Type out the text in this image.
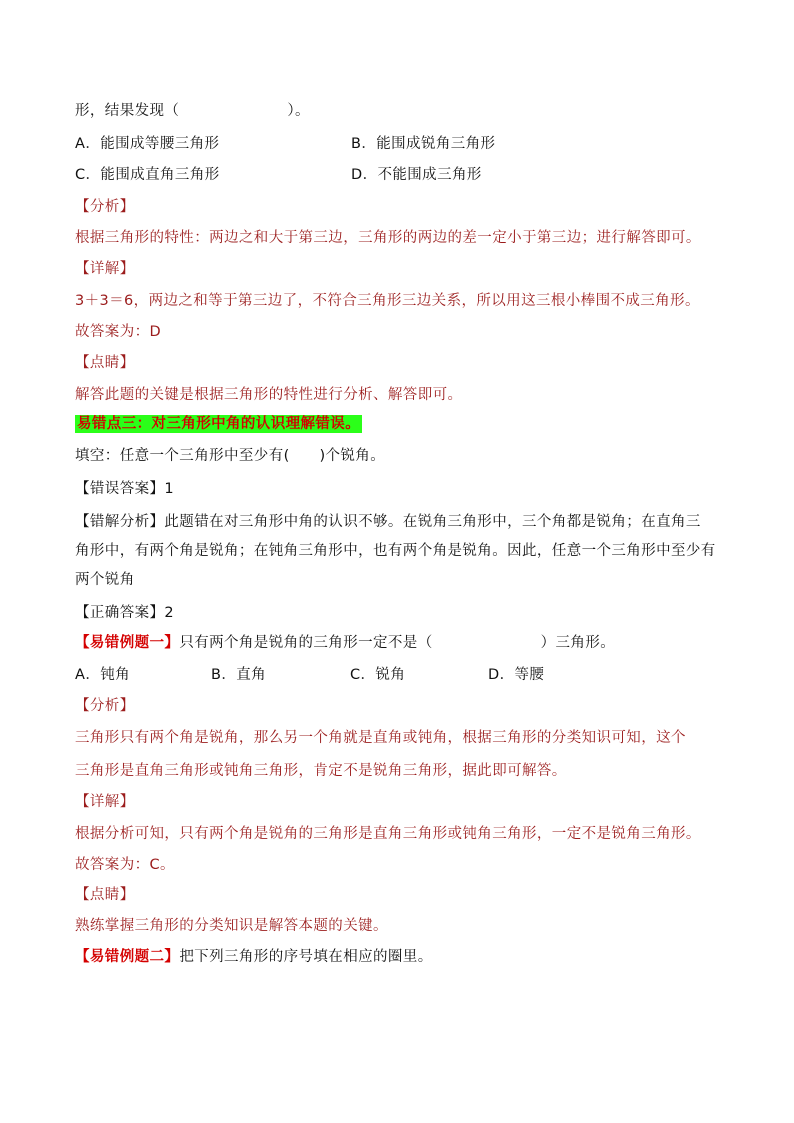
形，结果发现（	）。
A．能围成等腰三角形	B．能围成锐角三角形
C．能围成直角三角形	D．不能围成三角形
【分析】
根据三角形的特性：两边之和大于第三边，三角形的两边的差一定小于第三边；进行解答即可。
【详解】
3＋3＝6，两边之和等于第三边了，不符合三角形三边关系，所以用这三根小棒围不成三角形。
故答案为：D
【点睛】
解答此题的关键是根据三角形的特性进行分析、解答即可。
易错点三：对三角形中角的认识理解错误。
填空：任意一个三角形中至少有(　　)个锐角。
【错误答案】1
【错解分析】此题错在对三角形中角的认识不够。在锐角三角形中，三个角都是锐角；在直角三
角形中，有两个角是锐角；在钝角三角形中，也有两个角是锐角。因此，任意一个三角形中至少有
两个锐角
【正确答案】2
【易错例题一】只有两个角是锐角的三角形一定不是（	）三角形。
A．钝角	B．直角	C．锐角	D．等腰
【分析】
三角形只有两个角是锐角，那么另一个角就是直角或钝角，根据三角形的分类知识可知，这个
三角形是直角三角形或钝角三角形，肯定不是锐角三角形，据此即可解答。
【详解】
根据分析可知，只有两个角是锐角的三角形是直角三角形或钝角三角形，一定不是锐角三角形。
故答案为：C。
【点睛】
熟练掌握三角形的分类知识是解答本题的关键。
【易错例题二】把下列三角形的序号填在相应的圈里。
